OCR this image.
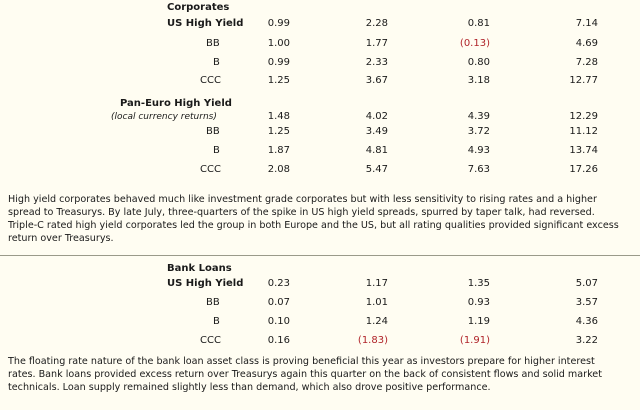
Corporates
US High Yield	0.99	2.28	0.81	7.14
BB	1.00	1.77	(0.13)	4.69
B	0.99	2.33	0.80	7.28
CCC	1.25	3.67	3.18	12.77
Pan-Euro High Yield
(local currency returns)	1.48	4.02	4.39	12.29
BB	1.25	3.49	3.72	11.12
B	1.87	4.81	4.93	13.74
CCC	2.08	5.47	7.63	17.26
High yield corporates behaved much like investment grade corporates but with less sensitivity to rising rates and a higher spread to Treasurys. By late July, three-quarters of the spike in US high yield spreads, spurred by taper talk, had reversed. Triple-C rated high yield corporates led the group in both Europe and the US, but all rating qualities provided significant excess return over Treasurys.
Bank Loans
US High Yield	0.23	1.17	1.35	5.07
BB	0.07	1.01	0.93	3.57
B	0.10	1.24	1.19	4.36
CCC	0.16	(1.83)	(1.91)	3.22
The floating rate nature of the bank loan asset class is proving beneficial this year as investors prepare for higher interest rates. Bank loans provided excess return over Treasurys again this quarter on the back of consistent flows and solid market technicals. Loan supply remained slightly less than demand, which also drove positive performance.
